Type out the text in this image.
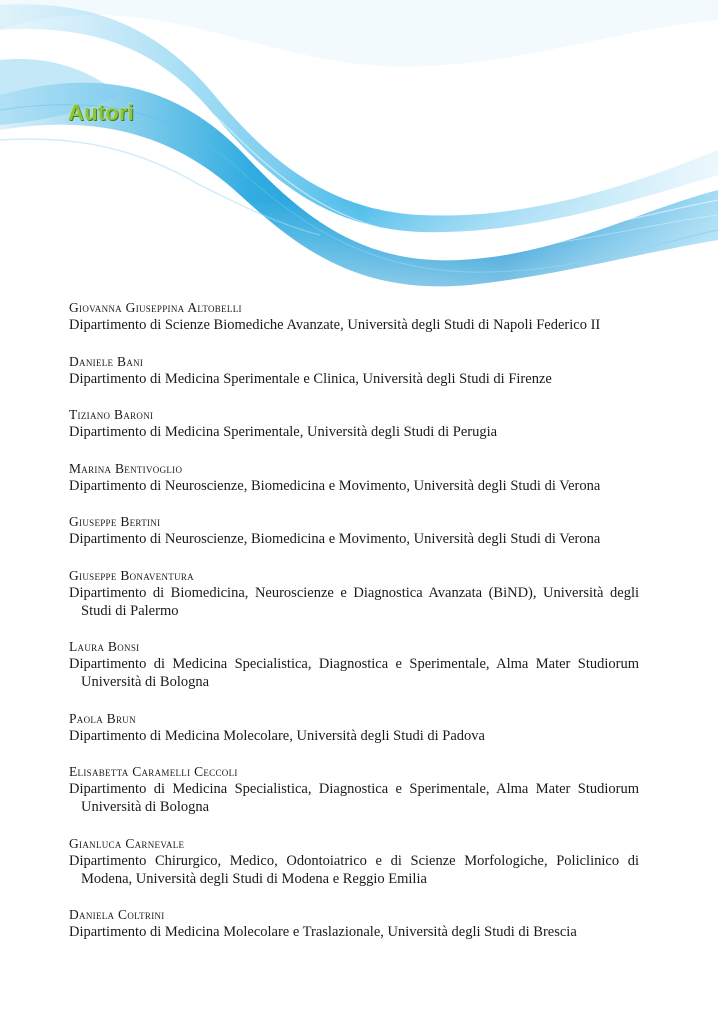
Autori

Giovanna Giuseppina Altobelli

Dipartimento di Scienze Biomediche Avanzate, Università degli Studi di Napoli Federico II

Daniele Bani

Dipartimento di Medicina Sperimentale e Clinica, Università degli Studi di Firenze

Tiziano Baroni

Dipartimento di Medicina Sperimentale, Università degli Studi di Perugia

Marina Bentivoglio

Dipartimento di Neuroscienze, Biomedicina e Movimento, Università degli Studi di Verona

Giuseppe Bertini

Dipartimento di Neuroscienze, Biomedicina e Movimento, Università degli Studi di Verona

Giuseppe Bonaventura

Dipartimento di Biomedicina, Neuroscienze e Diagnostica Avanzata (BiND), Università degli Studi di Palermo

Laura Bonsi

Dipartimento di Medicina Specialistica, Diagnostica e Sperimentale, Alma Mater Studiorum Università di Bologna

Paola Brun

Dipartimento di Medicina Molecolare, Università degli Studi di Padova

Elisabetta Caramelli Ceccoli

Dipartimento di Medicina Specialistica, Diagnostica e Sperimentale, Alma Mater Studiorum Università di Bologna

Gianluca Carnevale

Dipartimento Chirurgico, Medico, Odontoiatrico e di Scienze Morfologiche, Policlinico di Modena, Università degli Studi di Modena e Reggio Emilia

Daniela Coltrini

Dipartimento di Medicina Molecolare e Traslazionale, Università degli Studi di Brescia
